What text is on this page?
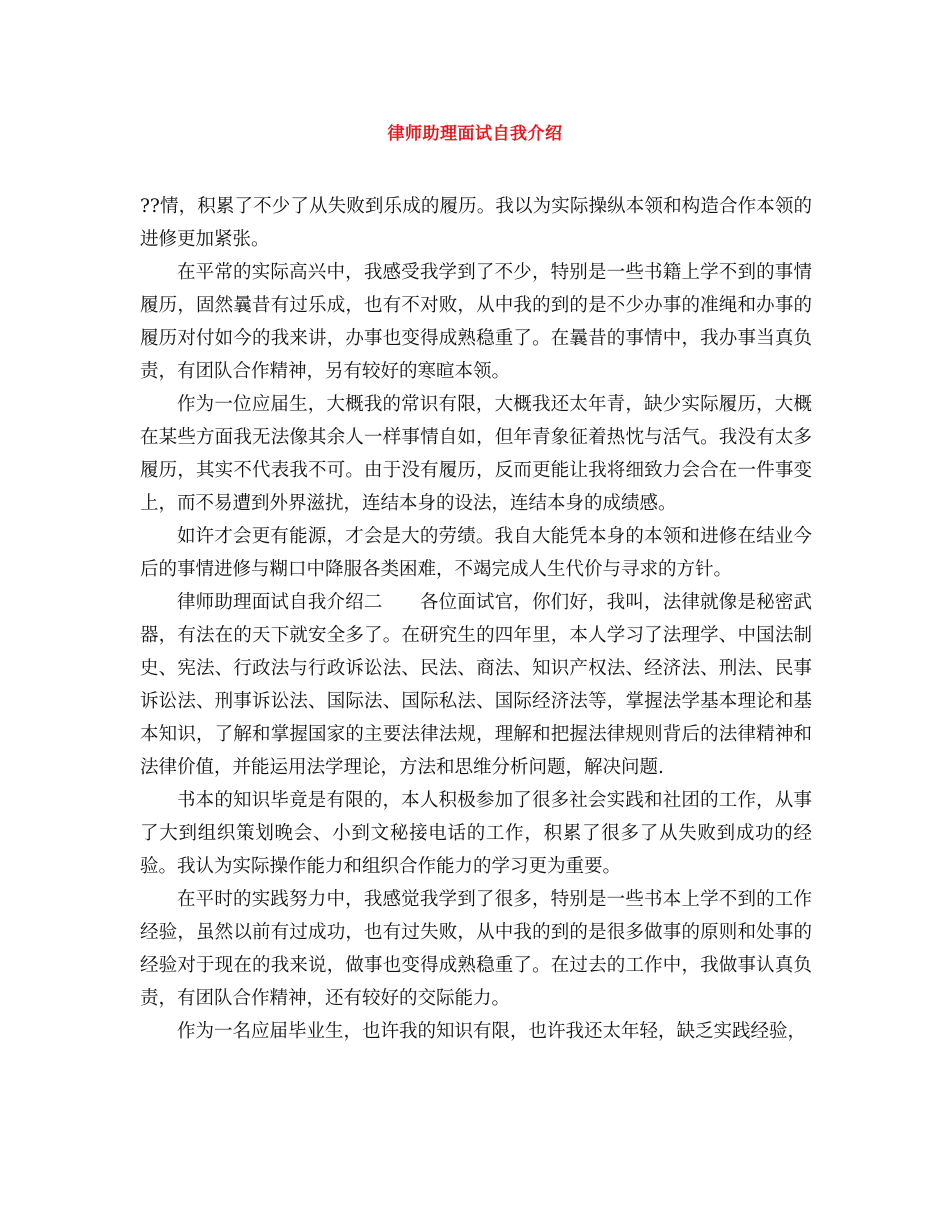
律师助理面试自我介绍

??情，积累了不少了从失败到乐成的履历。我以为实际操纵本领和构造合作本领的进修更加紧张。

在平常的实际高兴中，我感受我学到了不少，特别是一些书籍上学不到的事情履历，固然曩昔有过乐成，也有不对败，从中我的到的是不少办事的准绳和办事的履历对付如今的我来讲，办事也变得成熟稳重了。在曩昔的事情中，我办事当真负责，有团队合作精神，另有较好的寒暄本领。

作为一位应届生，大概我的常识有限，大概我还太年青，缺少实际履历，大概在某些方面我无法像其余人一样事情自如，但年青象征着热忱与活气。我没有太多履历，其实不代表我不可。由于没有履历，反而更能让我将细致力会合在一件事变上，而不易遭到外界滋扰，连结本身的设法，连结本身的成绩感。

如许才会更有能源，才会是大的劳绩。我自大能凭本身的本领和进修在结业今后的事情进修与糊口中降服各类困难，不竭完成人生代价与寻求的方针。

律师助理面试自我介绍二　　各位面试官，你们好，我叫，法律就像是秘密武器，有法在的天下就安全多了。在研究生的四年里，本人学习了法理学、中国法制史、宪法、行政法与行政诉讼法、民法、商法、知识产权法、经济法、刑法、民事诉讼法、刑事诉讼法、国际法、国际私法、国际经济法等，掌握法学基本理论和基本知识，了解和掌握国家的主要法律法规，理解和把握法律规则背后的法律精神和法律价值，并能运用法学理论，方法和思维分析问题，解决问题.

书本的知识毕竟是有限的，本人积极参加了很多社会实践和社团的工作，从事了大到组织策划晚会、小到文秘接电话的工作，积累了很多了从失败到成功的经验。我认为实际操作能力和组织合作能力的学习更为重要。

在平时的实践努力中，我感觉我学到了很多，特别是一些书本上学不到的工作经验，虽然以前有过成功，也有过失败，从中我的到的是很多做事的原则和处事的经验对于现在的我来说，做事也变得成熟稳重了。在过去的工作中，我做事认真负责，有团队合作精神，还有较好的交际能力。

作为一名应届毕业生，也许我的知识有限，也许我还太年轻，缺乏实践经验，
